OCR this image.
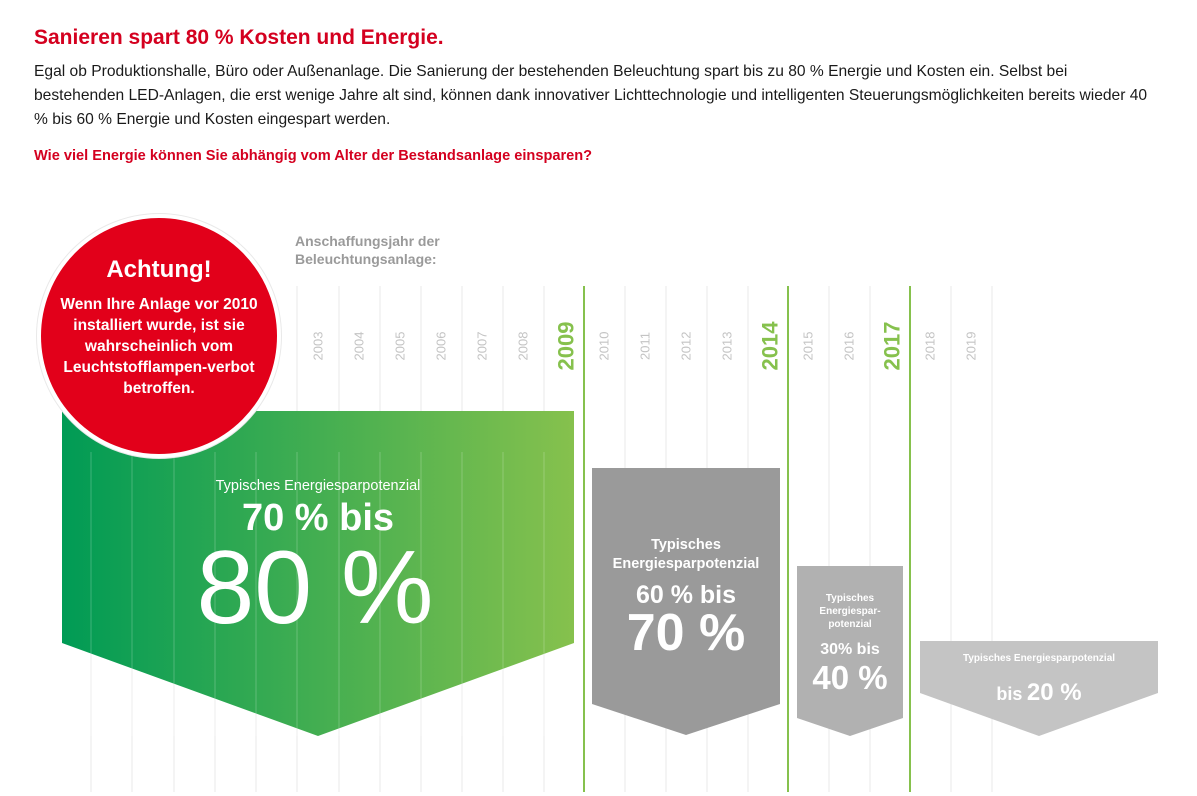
Sanieren spart 80 % Kosten und Energie.

Egal ob Produktionshalle, Büro oder Außenanlage. Die Sanierung der bestehenden Beleuchtung spart bis zu 80 % Energie und Kosten ein. Selbst bei bestehenden LED-Anlagen, die erst wenige Jahre alt sind, können dank innovativer Lichttechnologie und intelligenten Steuerungsmöglichkeiten bereits wieder 40 % bis 60 % Energie und Kosten eingespart werden.

Wie viel Energie können Sie abhängig vom Alter der Bestandsanlage einsparen?

2003 2004 2005 2006 2007 2008 2009 2010 2011 2012 2013 2014 2015 2016 2017 2018 2019
Anschaffungsjahr der Beleuchtungsanlage:
Typisches Energiesparpotenzial
70 % bis
80 %	Typisches Energiesparpotenzial
60 % bis
70 %
Typisches Energiespar-potenzial
30% bis
40 %
Typisches Energiesparpotenzial
bis 20 %
Achtung!
Wenn Ihre Anlage vor 2010 installiert wurde, ist sie wahrscheinlich vom Leuchtstofflampen-verbot betroffen.
